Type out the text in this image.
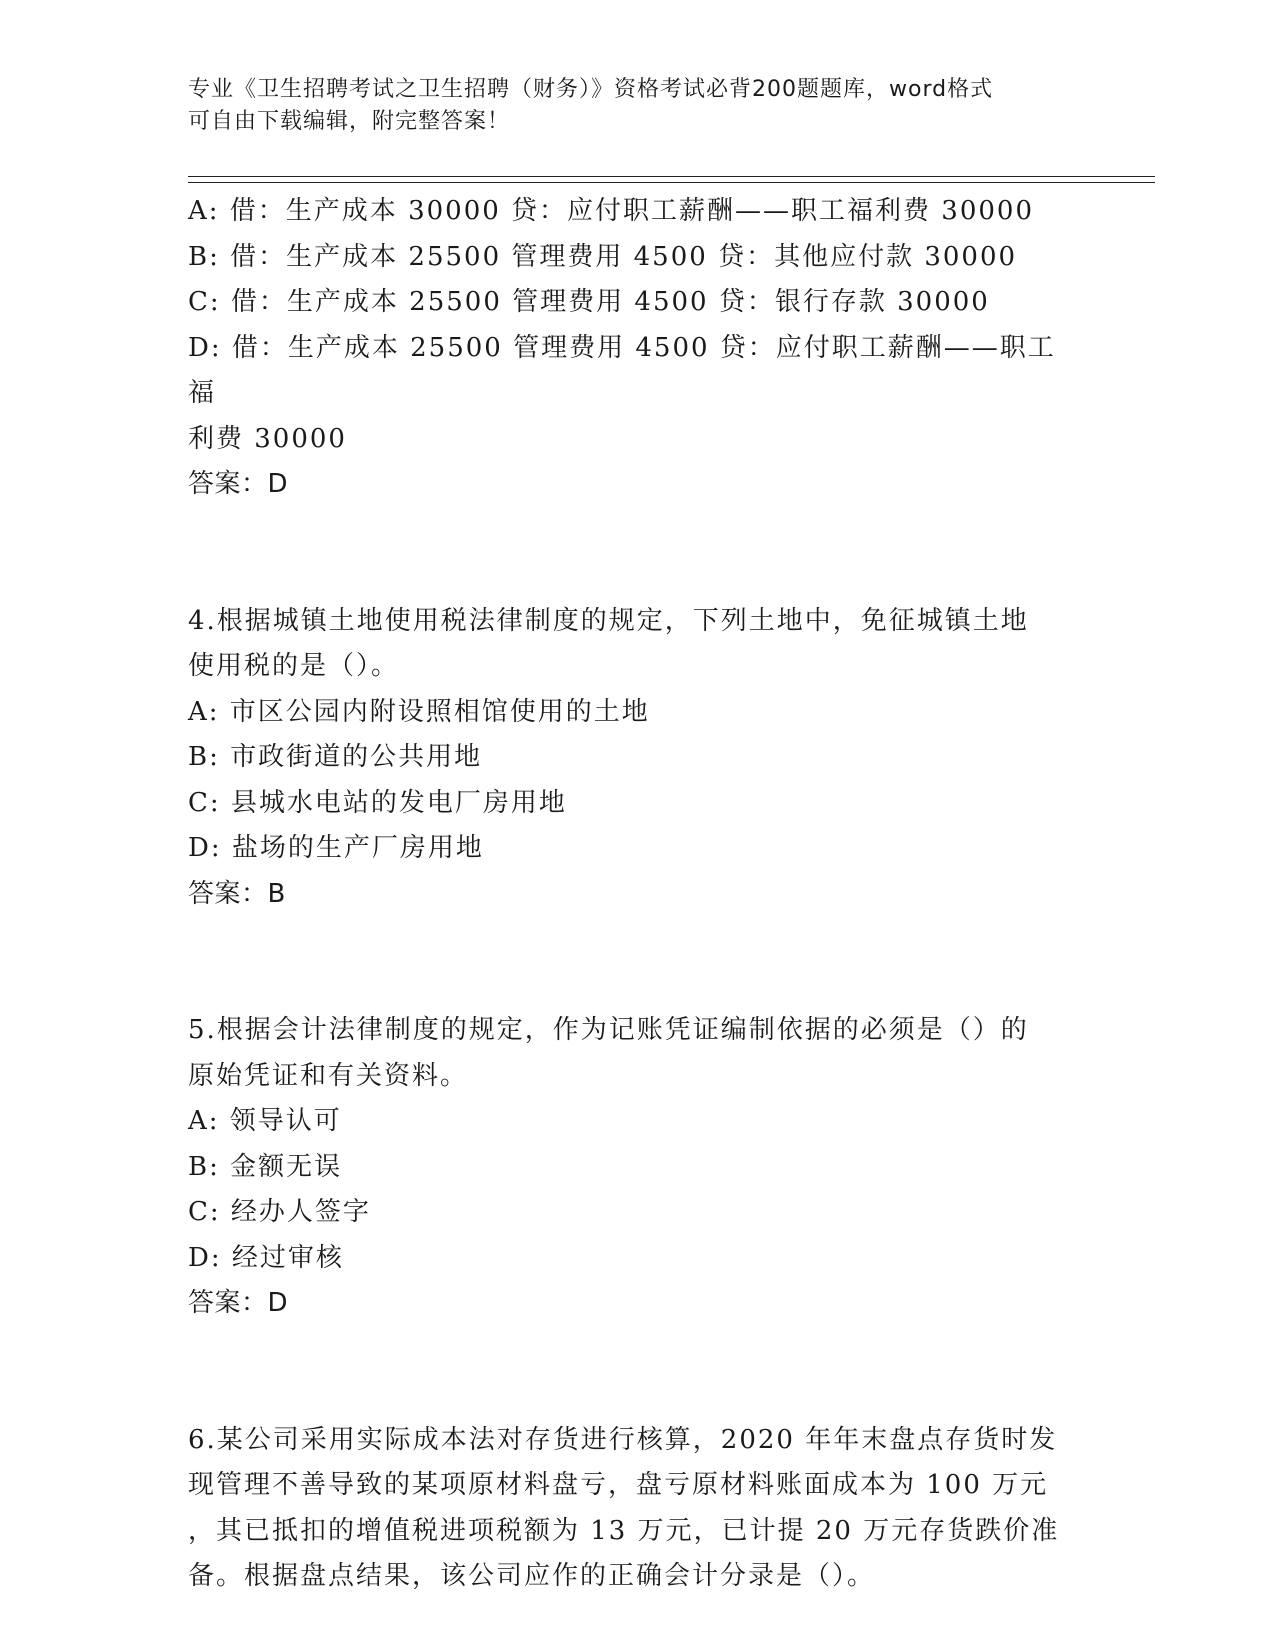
专业《卫生招聘考试之卫生招聘（财务）》资格考试必背200题题库，word格式
可自由下载编辑，附完整答案！
A: 借：生产成本 30000 贷：应付职工薪酬——职工福利费 30000
B: 借：生产成本 25500 管理费用 4500 贷：其他应付款 30000
C: 借：生产成本 25500 管理费用 4500 贷：银行存款 30000
D: 借：生产成本 25500 管理费用 4500 贷：应付职工薪酬——职工福
利费 30000
答案：D
4.根据城镇土地使用税法律制度的规定，下列土地中，免征城镇土地
使用税的是（）。
A: 市区公园内附设照相馆使用的土地
B: 市政街道的公共用地
C: 县城水电站的发电厂房用地
D: 盐场的生产厂房用地
答案：B
5.根据会计法律制度的规定，作为记账凭证编制依据的必须是（）的
原始凭证和有关资料。
A: 领导认可
B: 金额无误
C: 经办人签字
D: 经过审核
答案：D
6.某公司采用实际成本法对存货进行核算，2020 年年末盘点存货时发
现管理不善导致的某项原材料盘亏，盘亏原材料账面成本为 100 万元
，其已抵扣的增值税进项税额为 13 万元，已计提 20 万元存货跌价准
备。根据盘点结果，该公司应作的正确会计分录是（）。
